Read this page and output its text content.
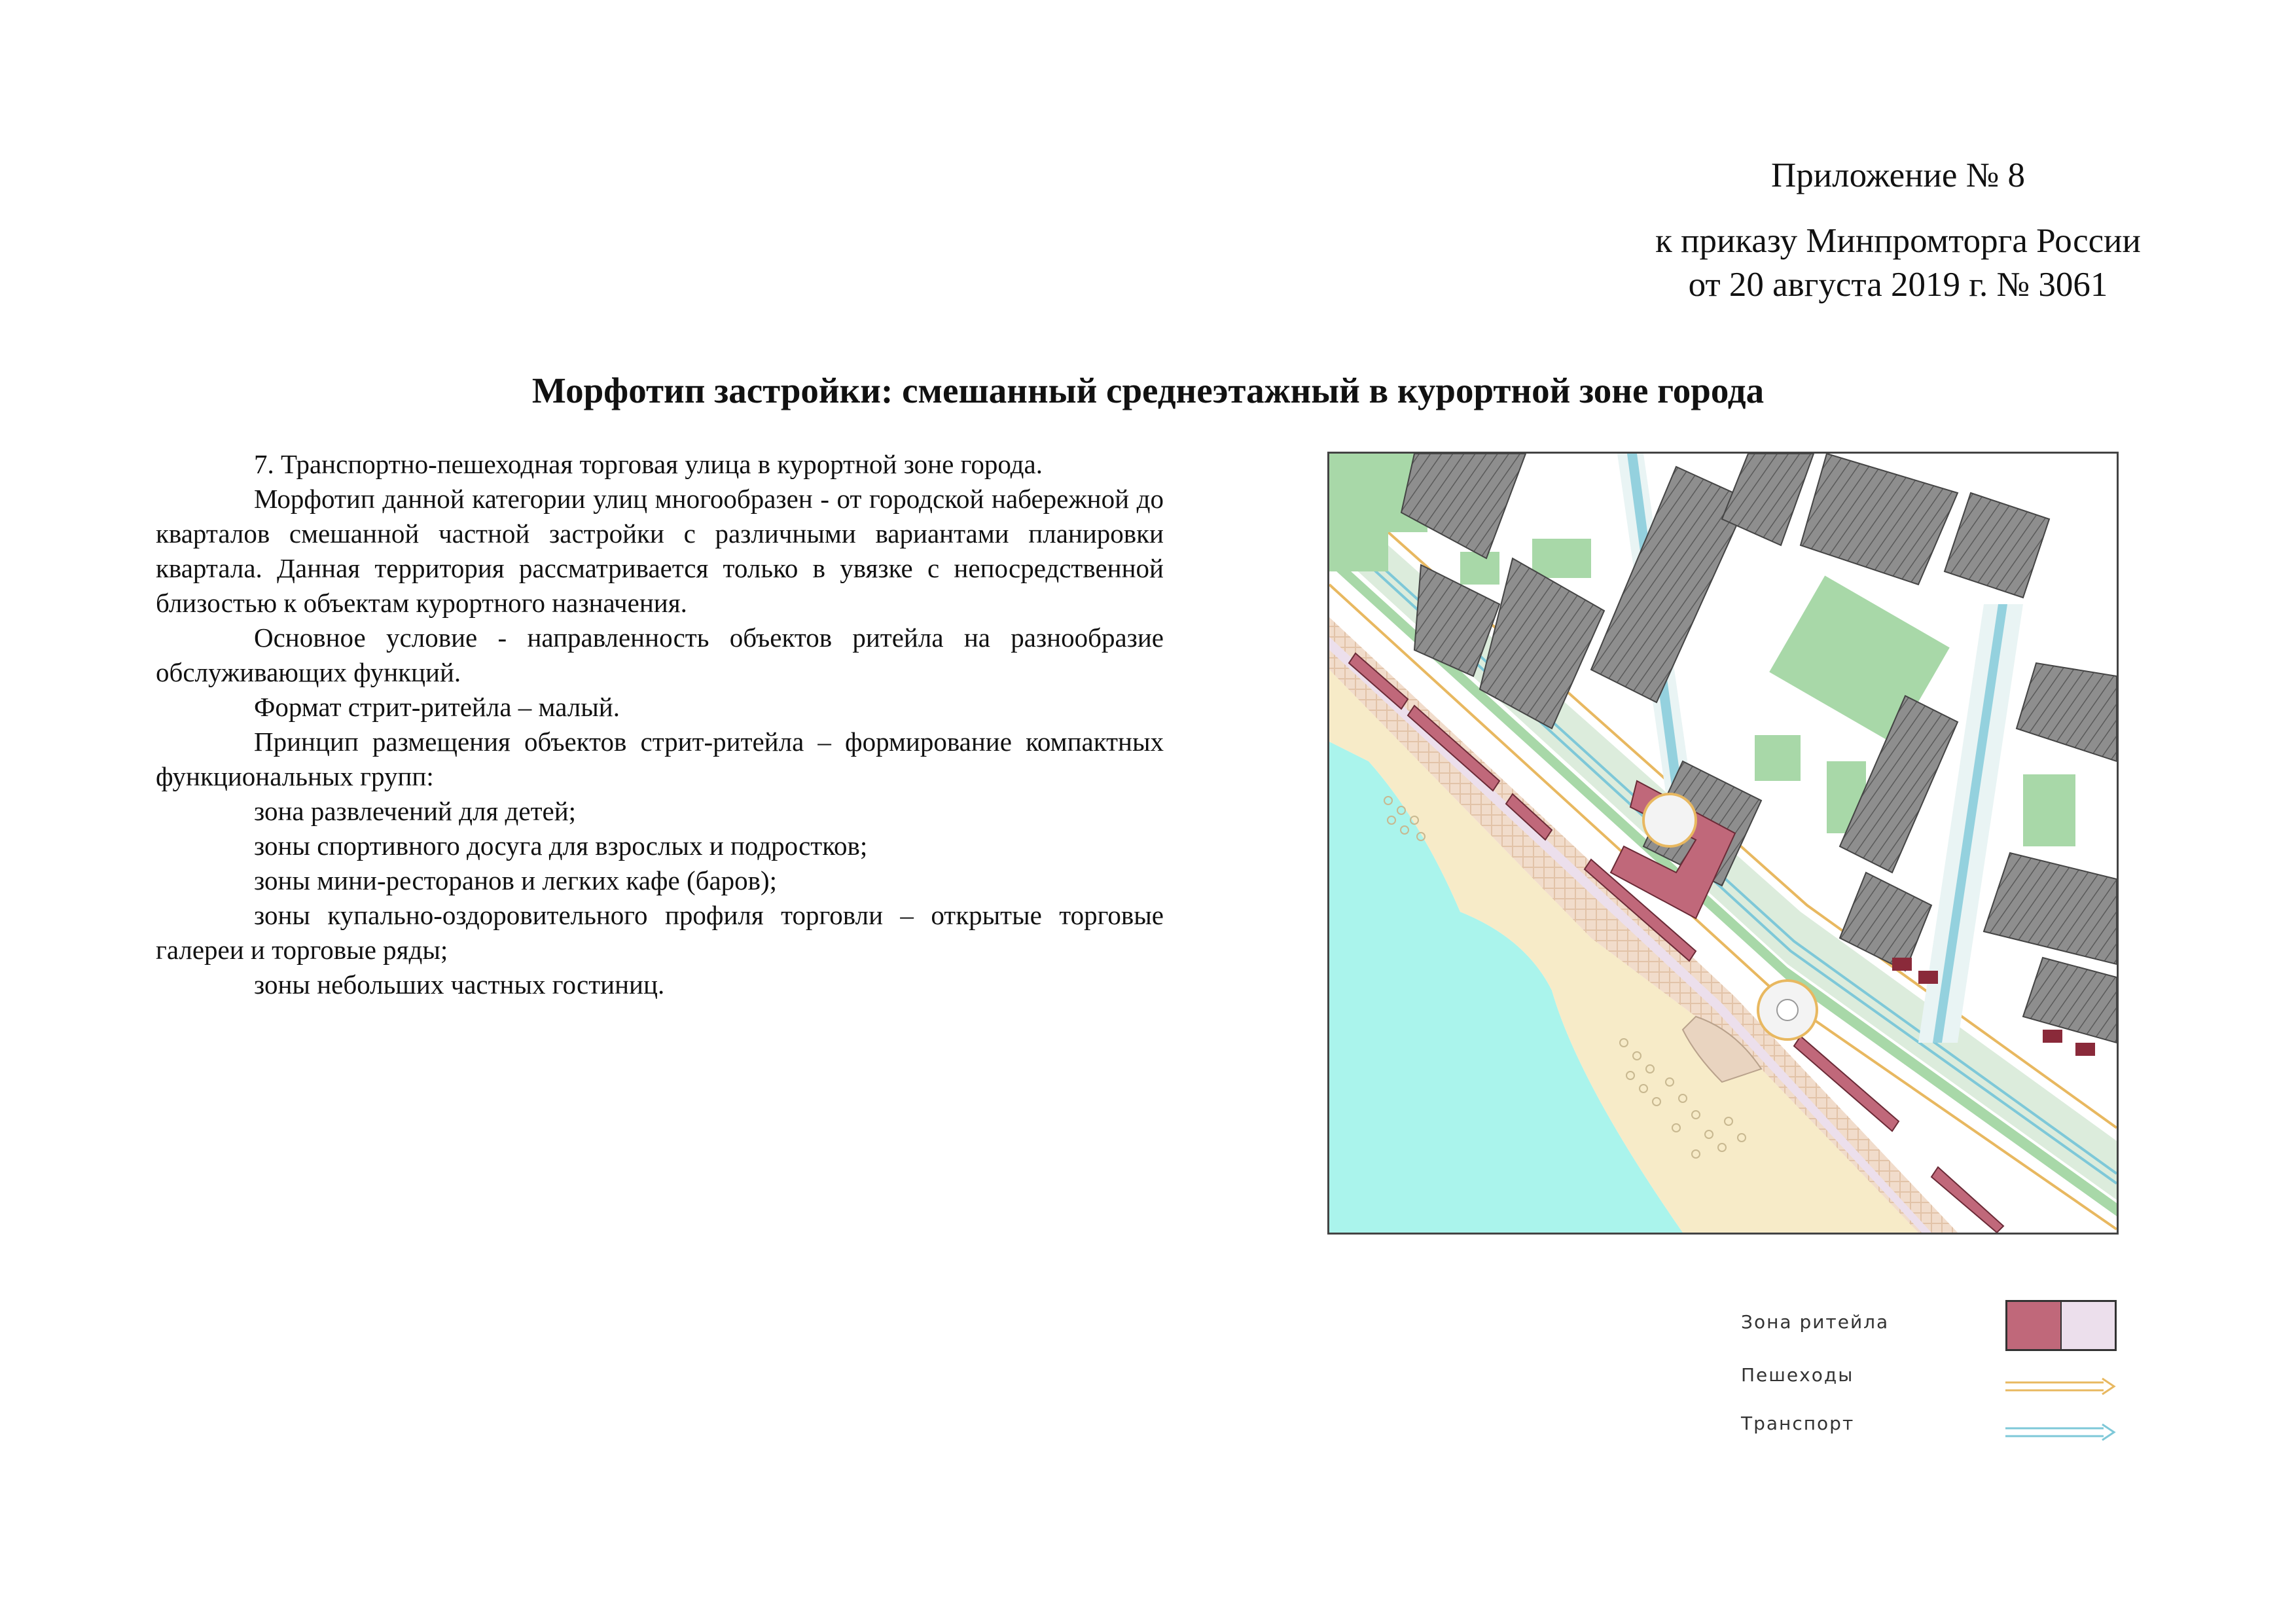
Приложение № 8
к приказу Минпромторга России
от 20 августа 2019 г. № 3061
Морфотип застройки: смешанный среднеэтажный в курортной зоне города

7. Транспортно-пешеходная торговая улица в курортной зоне города.

Морфотип данной категории улиц многообразен - от городской набережной до кварталов смешанной частной застройки с различными вариантами планировки квартала. Данная территория рассматривается только в увязке с непосредственной близостью к объектам курортного назначения.

Основное условие - направленность объектов ритейла на разнообразие обслуживающих функций.

Формат стрит-ритейла – малый.

Принцип размещения объектов стрит-ритейла – формирование компактных функциональных групп:

зона развлечений для детей;

зоны спортивного досуга для взрослых и подростков;

зоны мини-ресторанов и легких кафе (баров);

зоны купально-оздоровительного профиля торговли – открытые торговые галереи и торговые ряды;

зоны небольших частных гостиниц.

Зона ритейла
Пешеходы
Транспорт
